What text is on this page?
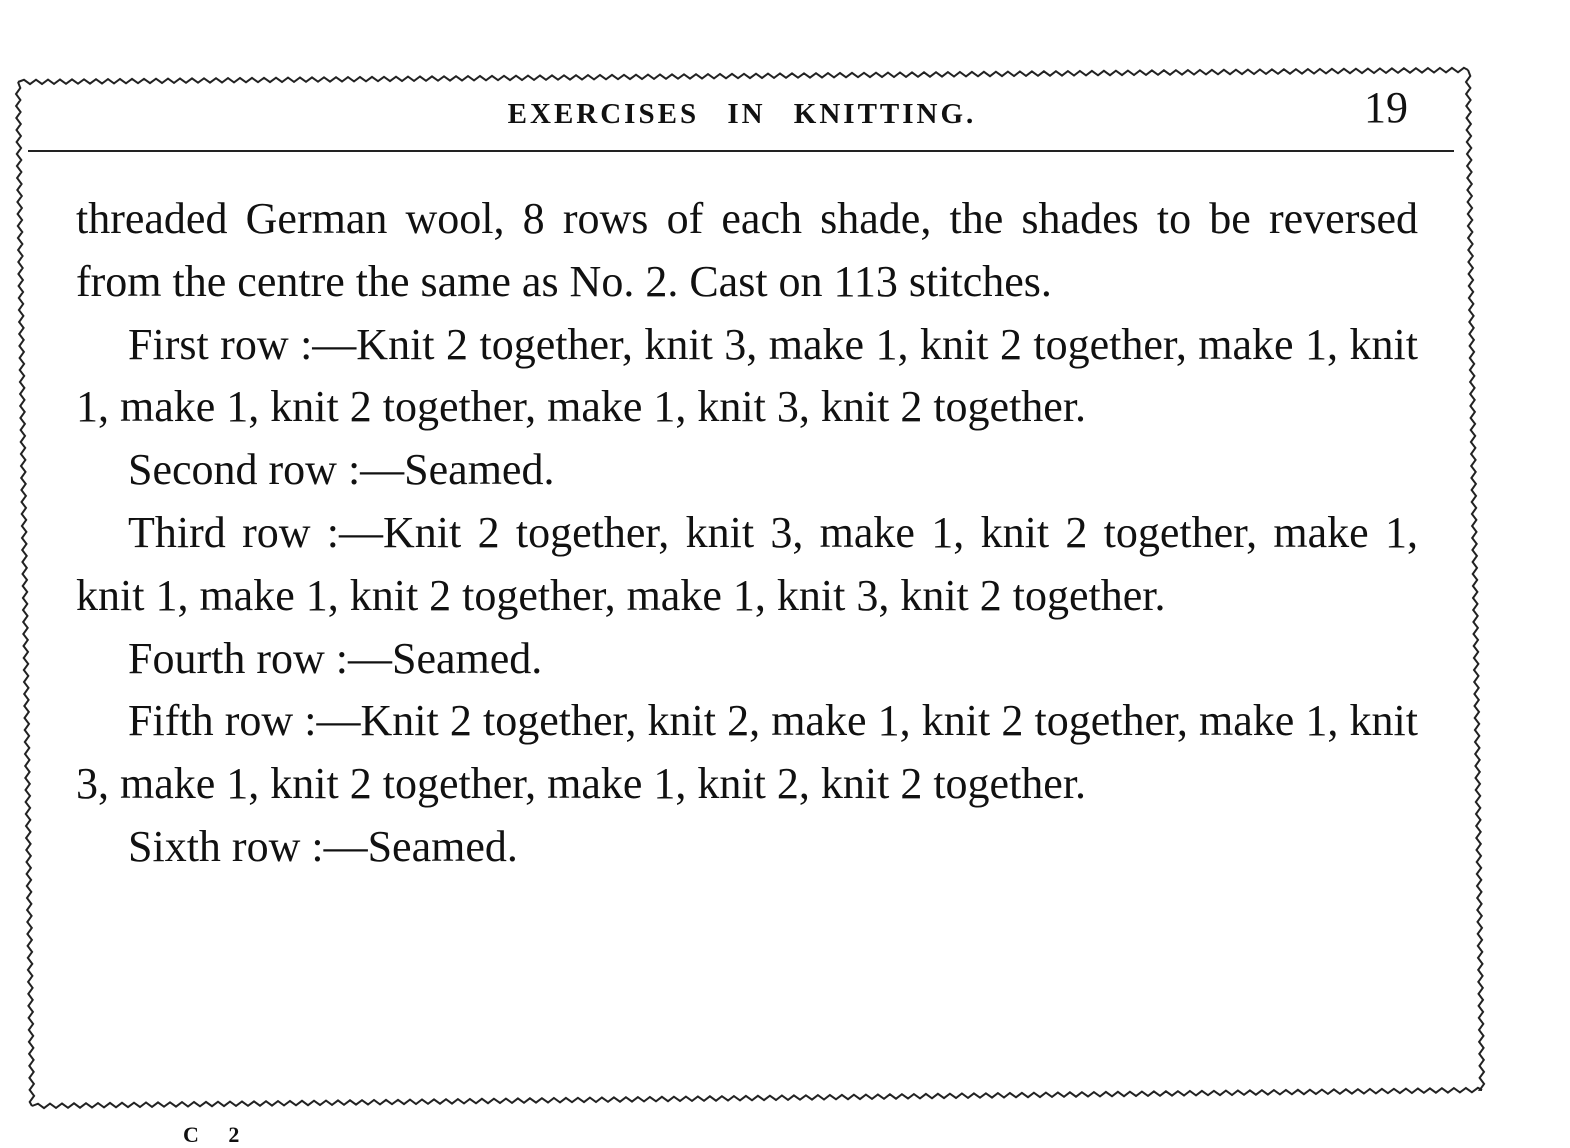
EXERCISES IN KNITTING.	19

threaded German wool, 8 rows of each shade, the shades to be reversed from the centre the same as No. 2. Cast on 113 stitches.

First row :—Knit 2 together, knit 3, make 1, knit 2 together, make 1, knit 1, make 1, knit 2 together, make 1, knit 3, knit 2 together.

Second row :—Seamed.

Third row :—Knit 2 together, knit 3, make 1, knit 2 together, make 1, knit 1, make 1, knit 2 together, make 1, knit 3, knit 2 together.

Fourth row :—Seamed.

Fifth row :—Knit 2 together, knit 2, make 1, knit 2 together, make 1, knit 3, make 1, knit 2 together, make 1, knit 2, knit 2 together.

Sixth row :—Seamed.

C 2
